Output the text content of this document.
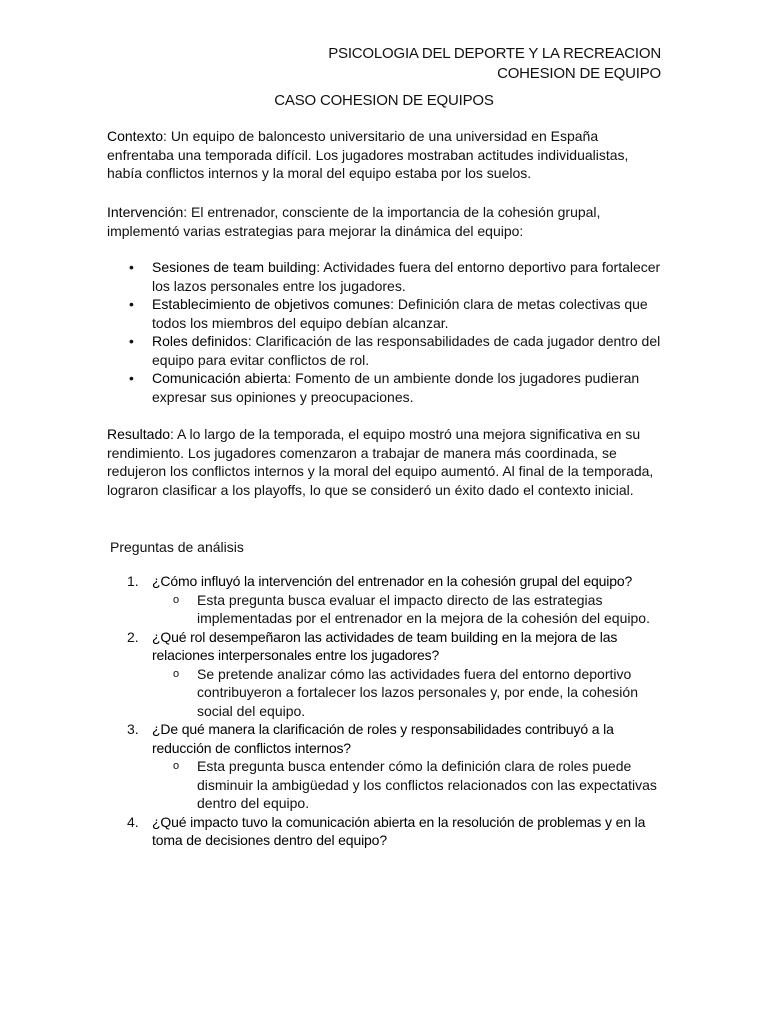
PSICOLOGIA DEL DEPORTE Y LA RECREACION
COHESION DE EQUIPO
CASO COHESION DE EQUIPOS
Contexto: Un equipo de baloncesto universitario de una universidad en España enfrentaba una temporada difícil. Los jugadores mostraban actitudes individualistas, había conflictos internos y la moral del equipo estaba por los suelos.
Intervención: El entrenador, consciente de la importancia de la cohesión grupal, implementó varias estrategias para mejorar la dinámica del equipo:
• Sesiones de team building: Actividades fuera del entorno deportivo para fortalecer los lazos personales entre los jugadores.
• Establecimiento de objetivos comunes: Definición clara de metas colectivas que todos los miembros del equipo debían alcanzar.
• Roles definidos: Clarificación de las responsabilidades de cada jugador dentro del equipo para evitar conflictos de rol.
• Comunicación abierta: Fomento de un ambiente donde los jugadores pudieran expresar sus opiniones y preocupaciones.
Resultado: A lo largo de la temporada, el equipo mostró una mejora significativa en su rendimiento. Los jugadores comenzaron a trabajar de manera más coordinada, se redujeron los conflictos internos y la moral del equipo aumentó. Al final de la temporada, lograron clasificar a los playoffs, lo que se consideró un éxito dado el contexto inicial.
Preguntas de análisis
1. ¿Cómo influyó la intervención del entrenador en la cohesión grupal del equipo?
o Esta pregunta busca evaluar el impacto directo de las estrategias implementadas por el entrenador en la mejora de la cohesión del equipo.
2. ¿Qué rol desempeñaron las actividades de team building en la mejora de las relaciones interpersonales entre los jugadores?
o Se pretende analizar cómo las actividades fuera del entorno deportivo contribuyeron a fortalecer los lazos personales y, por ende, la cohesión social del equipo.
3. ¿De qué manera la clarificación de roles y responsabilidades contribuyó a la reducción de conflictos internos?
o Esta pregunta busca entender cómo la definición clara de roles puede disminuir la ambigüedad y los conflictos relacionados con las expectativas dentro del equipo.
4. ¿Qué impacto tuvo la comunicación abierta en la resolución de problemas y en la toma de decisiones dentro del equipo?
